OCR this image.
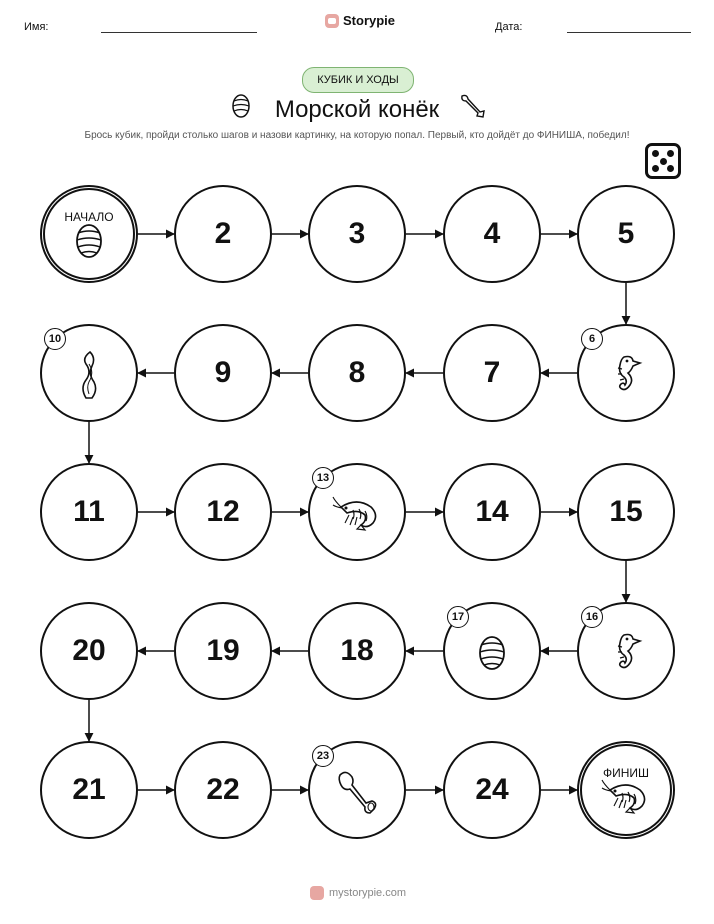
Имя:	Storypie	Дата:
КУБИК И ХОДЫ
Морской конёк
Брось кубик, пройди столько шагов и назови картинку, на которую попал. Первый, кто дойдёт до ФИНИША, победил!
НАЧАЛО	2	3	4	5
6
7
8
9
10
11	12
13
14	15
16
17
18
19
20
21	22
23
24	ФИНИШ
mystorypie.com
